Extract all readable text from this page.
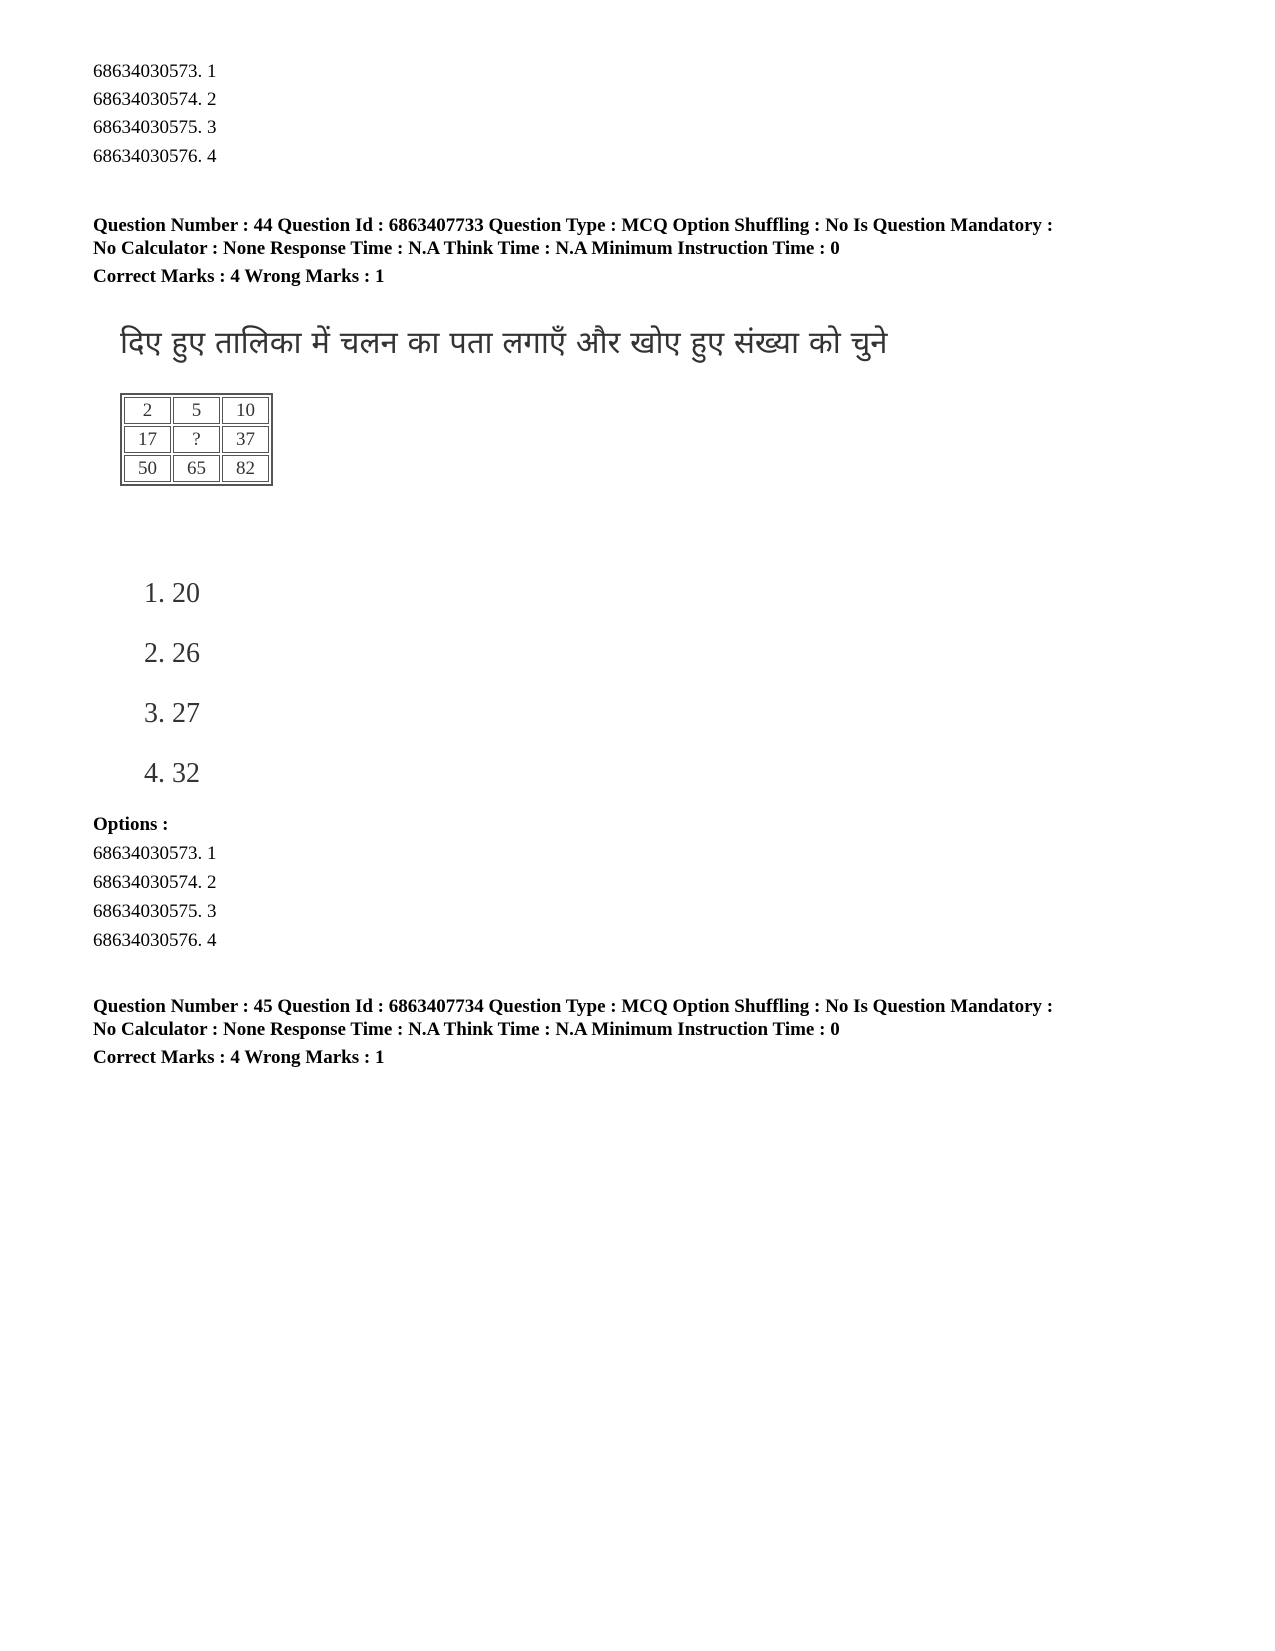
68634030573. 1
68634030574. 2
68634030575. 3
68634030576. 4
Question Number : 44 Question Id : 6863407733 Question Type : MCQ Option Shuffling : No Is Question Mandatory :
No Calculator : None Response Time : N.A Think Time : N.A Minimum Instruction Time : 0
Correct Marks : 4 Wrong Marks : 1
दिए हुए तालिका में चलन का पता लगाएँ और खोए हुए संख्या को चुने
2	5	10
17	?	37
50	65	82
1. 20
2. 26
3. 27
4. 32
Options :
68634030573. 1
68634030574. 2
68634030575. 3
68634030576. 4
Question Number : 45 Question Id : 6863407734 Question Type : MCQ Option Shuffling : No Is Question Mandatory :
No Calculator : None Response Time : N.A Think Time : N.A Minimum Instruction Time : 0
Correct Marks : 4 Wrong Marks : 1
